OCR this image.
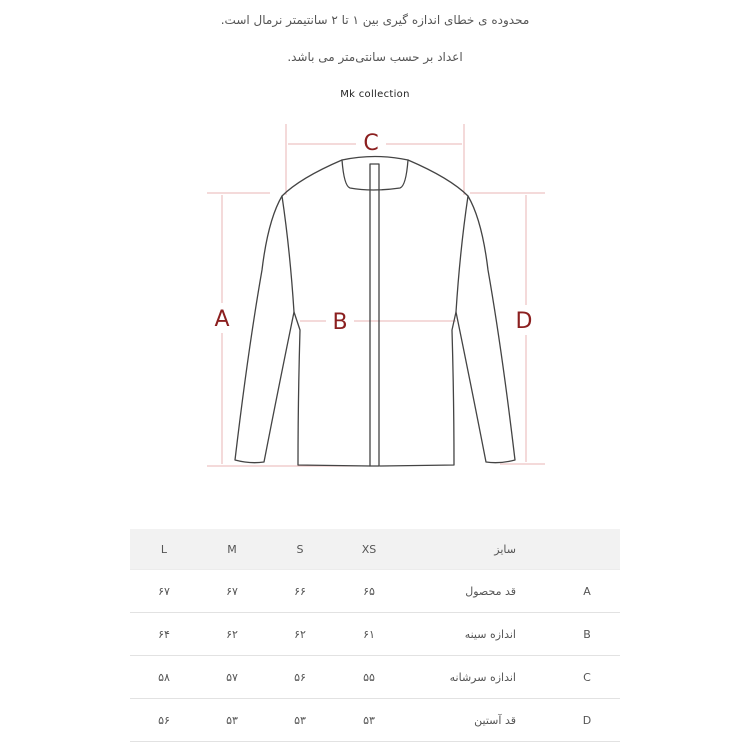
محدوده ی خطای اندازه گیری بین ۱ تا ۲ سانتیمتر نرمال است.
اعداد بر حسب سانتی‌متر می باشد.
Mk collection
C
A	D
B
L	M	S	XS	سایز	
۶۷	۶۷	۶۶	۶۵	قد محصول	A
۶۴	۶۲	۶۲	۶۱	اندازه سینه	B
۵۸	۵۷	۵۶	۵۵	اندازه سرشانه	C
۵۶	۵۳	۵۳	۵۳	قد آستین	D
